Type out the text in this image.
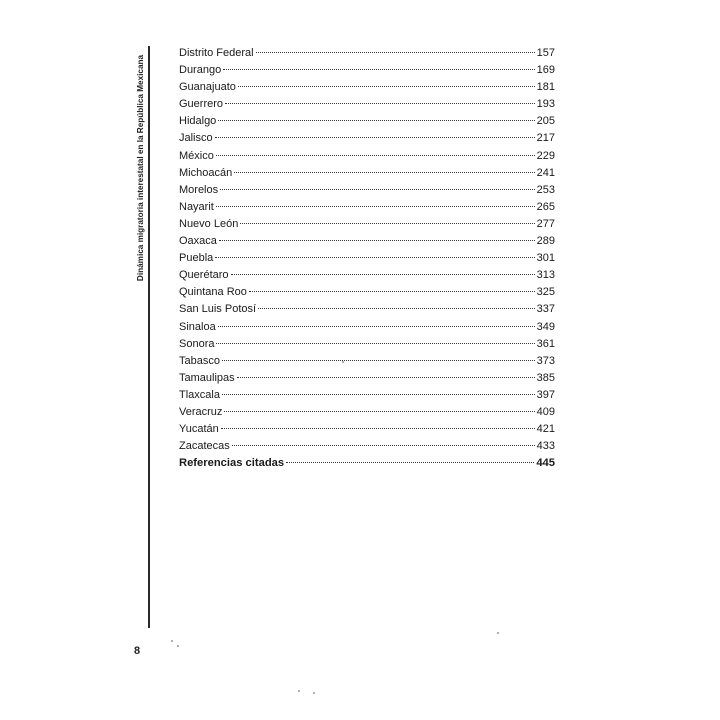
Dinámica migratoria interestatal en la República Mexicana
8
Distrito Federal	157
Durango	169
Guanajuato	181
Guerrero	193
Hidalgo	205
Jalisco	217
México	229
Michoacán	241
Morelos	253
Nayarit	265
Nuevo León	277
Oaxaca	289
Puebla	301
Querétaro	313
Quintana Roo	325
San Luis Potosí	337
Sinaloa	349
Sonora	361
Tabasco	373
Tamaulipas	385
Tlaxcala	397
Veracruz	409
Yucatán	421
Zacatecas	433
Referencias citadas	445
